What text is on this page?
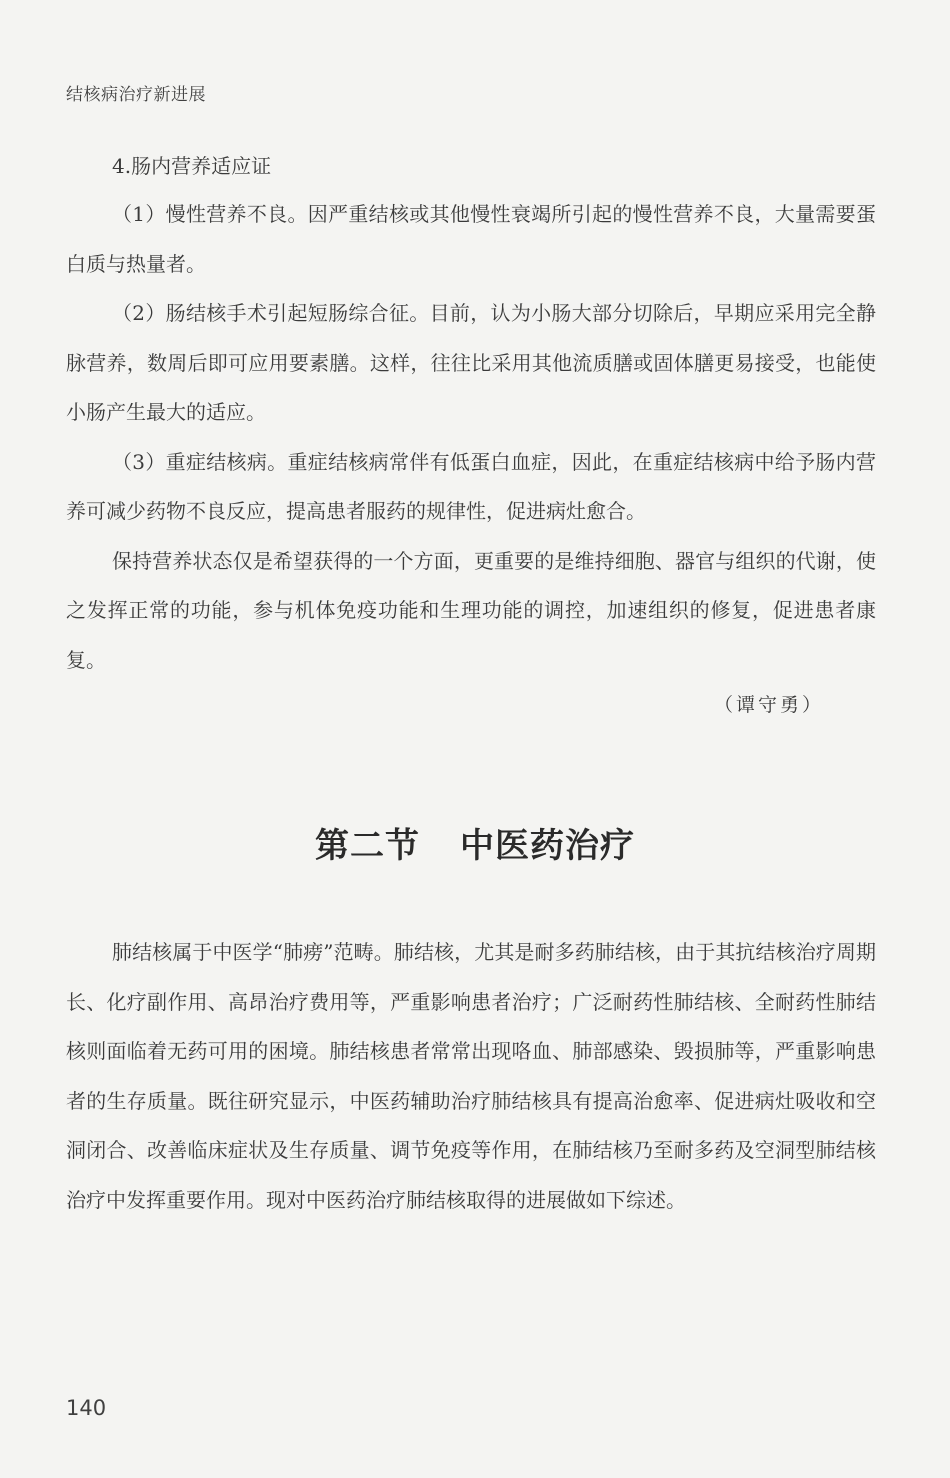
结核病治疗新进展
4.肠内营养适应证

（1）慢性营养不良。因严重结核或其他慢性衰竭所引起的慢性营养不良，大量需要蛋白质与热量者。

（2）肠结核手术引起短肠综合征。目前，认为小肠大部分切除后，早期应采用完全静脉营养，数周后即可应用要素膳。这样，往往比采用其他流质膳或固体膳更易接受，也能使小肠产生最大的适应。

（3）重症结核病。重症结核病常伴有低蛋白血症，因此，在重症结核病中给予肠内营养可减少药物不良反应，提高患者服药的规律性，促进病灶愈合。

保持营养状态仅是希望获得的一个方面，更重要的是维持细胞、器官与组织的代谢，使之发挥正常的功能，参与机体免疫功能和生理功能的调控，加速组织的修复，促进患者康复。

（谭守勇）
第二节 中医药治疗

肺结核属于中医学“肺痨”范畴。肺结核，尤其是耐多药肺结核，由于其抗结核治疗周期长、化疗副作用、高昂治疗费用等，严重影响患者治疗；广泛耐药性肺结核、全耐药性肺结核则面临着无药可用的困境。肺结核患者常常出现咯血、肺部感染、毁损肺等，严重影响患者的生存质量。既往研究显示，中医药辅助治疗肺结核具有提高治愈率、促进病灶吸收和空洞闭合、改善临床症状及生存质量、调节免疫等作用，在肺结核乃至耐多药及空洞型肺结核治疗中发挥重要作用。现对中医药治疗肺结核取得的进展做如下综述。

140
